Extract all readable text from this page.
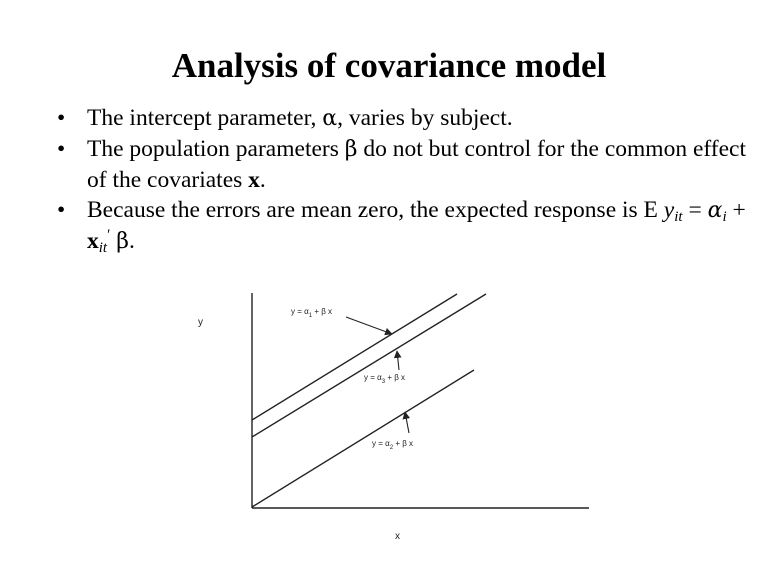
Analysis of covariance model
• The intercept parameter, α, varies by subject.
• The population parameters β do not but control for the common effect of the covariates x.
• Because the errors are mean zero, the expected response is E $y_{it} = \alpha_i + x_{it}'$ β.
y
x
$y = \alpha_1 + \beta$ x
$y = \alpha_3 + \beta$ x
$y = \alpha_2 + \beta$ x
